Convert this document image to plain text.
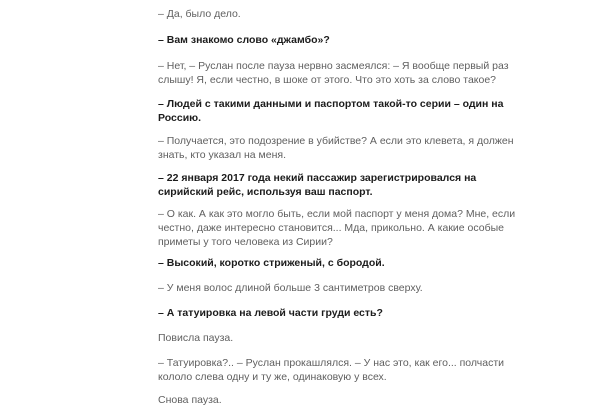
– Да, было дело.
– Вам знакомо слово «джамбо»?
– Нет, – Руслан после пауза нервно засмеялся: – Я вообще первый раз
слышу! Я, если честно, в шоке от этого. Что это хоть за слово такое?
– Людей с такими данными и паспортом такой-то серии – один на
Россию.
– Получается, это подозрение в убийстве? А если это клевета, я должен
знать, кто указал на меня.
– 22 января 2017 года некий пассажир зарегистрировался на
сирийский рейс, используя ваш паспорт.
– О как. А как это могло быть, если мой паспорт у меня дома? Мне, если
честно, даже интересно становится... Мда, прикольно. А какие особые
приметы у того человека из Сирии?
– Высокий, коротко стриженый, с бородой.
– У меня волос длиной больше 3 сантиметров сверху.
– А татуировка на левой части груди есть?
Повисла пауза.
– Татуировка?.. – Руслан прокашлялся. – У нас это, как его... полчасти
кололо слева одну и ту же, одинаковую у всех.
Снова пауза.
